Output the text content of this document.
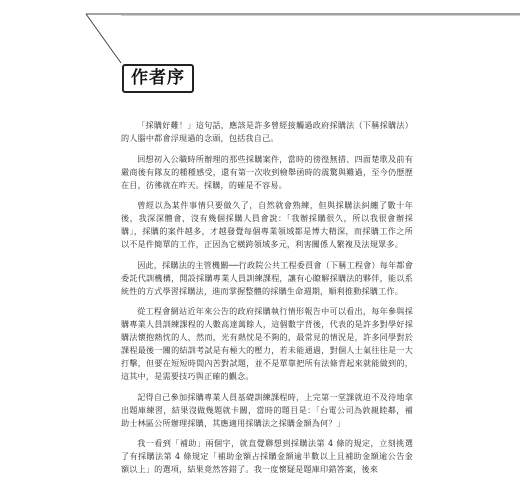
作者序

「採購好難！」這句話，應該是許多曾經接觸過政府採購法（下稱採購法）的人腦中都會浮現過的念頭，包括我自己。

回想初入公職時所辦理的那些採購案件，當時的徬徨無措、四面楚歌及前有嚴商後有隊友的種種感受，還有第一次收到檢舉函時的震驚與難過，至今仍歷歷在目，彷彿就在昨天。採購，的確是不容易。

曾經以為某件事情只要做久了，自然就會熟練，但與採購法糾纏了數十年後，我深深體會，沒有幾個採購人員會說：「我辦採購很久，所以我很會辦採購」，採購的案件越多，才越發覺每個專業領域都是博大精深，而採購工作之所以不是件簡單的工作，正因為它橫跨領域多元，利害關係人繁複及法規眾多。

因此，採購法的主管機關──行政院公共工程委員會（下稱工程會）每年都會委託代訓機構，開設採購專業人員訓練課程，讓有心瞭解採購法的夥伴，能以系統性的方式學習採購法，進而掌握整體的採購生命週期，順利推動採購工作。

從工程會網站近年來公告的政府採購執行情形報告中可以看出，每年參與採購專業人員訓練課程的人數高達萬餘人，這個數字背後，代表的是許多對學好採購法懷抱熱忱的人，然而，光有熱忱是不夠的，最常見的情況是，許多同學對於課程最後一關的結訓考試是有極大的壓力，若未能通過，對個人士氣往往是一大打擊，但要在短短時間內苦對試題，並不是單靠把所有法條背起來就能做到的，這其中，是需要技巧與正確的觀念。

記得自己參加採購專業人員基礎訓練課程時，上完第一堂課就迫不及待地拿出題庫練習，結果沒做幾題就卡關，當時的題目是：「台電公司為敦親睦鄰，補助士林區公所辦理採購，其應適用採購法之採購金額為何？」

我一看到「補助」兩個字，就直覺聯想到採購法第 4 條的規定，立刻挑選了有採購法第 4 條規定「補助金額占採購金額逾半數以上且補助金額逾公告金額以上」的選項，結果竟然答錯了。我一度懷疑是題庫印錯答案，後來
